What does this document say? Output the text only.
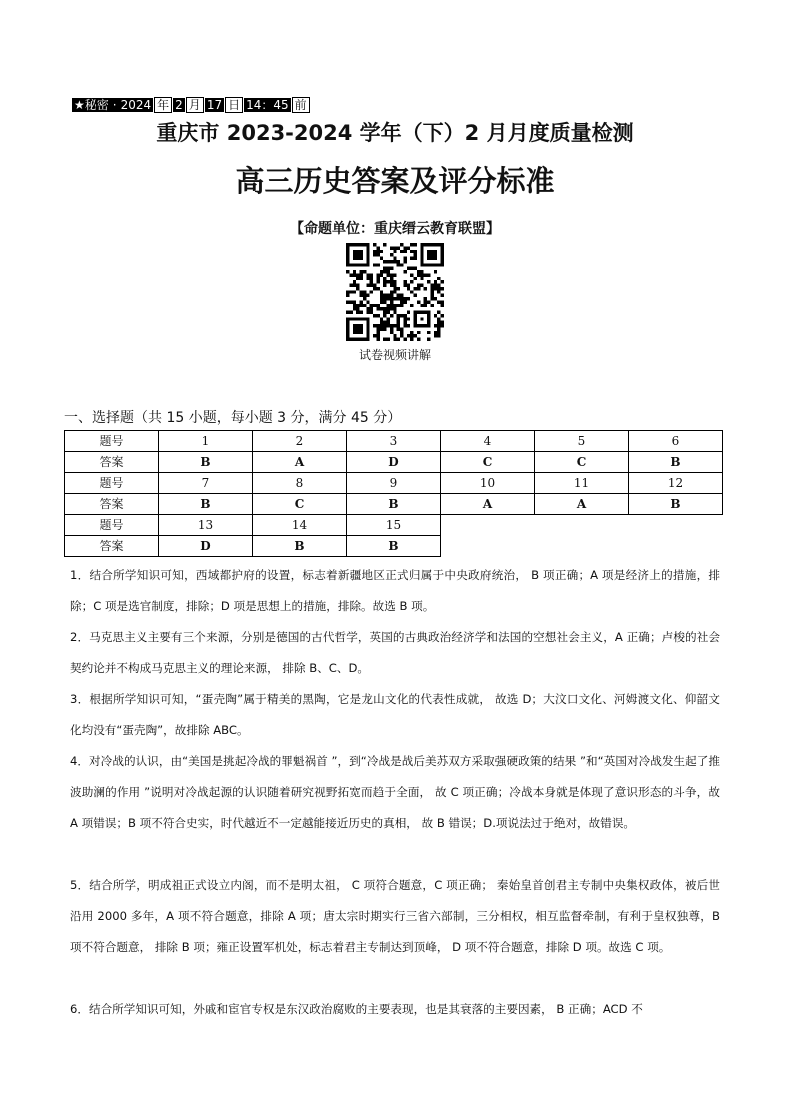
★秘密 · 2024 年 2 月 17 日 14：45 前
重庆市 2023-2024 学年（下）2 月月度质量检测
高三历史答案及评分标准
【命题单位：重庆缙云教育联盟】
试卷视频讲解
一、选择题（共 15 小题，每小题 3 分，满分 45 分）
题号	1	2	3	4	5	6
答案	B	A	D	C	C	B
题号	7	8	9	10	11	12
答案	B	C	B	A	A	B
题号	13	14	15			
答案	D	B	B			
1．结合所学知识可知，西域都护府的设置，标志着新疆地区正式归属于中央政府统治， B 项正确；A 项是经济上的措施，排除；C 项是选官制度，排除；D 项是思想上的措施，排除。故选 B 项。
2．马克思主义主要有三个来源，分别是德国的古代哲学，英国的古典政治经济学和法国的空想社会主义，A 正确；卢梭的社会契约论并不构成马克思主义的理论来源， 排除 B、C、D。
3．根据所学知识可知，“蛋壳陶”属于精美的黑陶，它是龙山文化的代表性成就， 故选 D；大汶口文化、河姆渡文化、仰韶文化均没有“蛋壳陶”，故排除 ABC。
4．对冷战的认识，由“美国是挑起冷战的罪魁祸首 ”，到“冷战是战后美苏双方采取强硬政策的结果 ”和“英国对冷战发生起了推波助澜的作用 ”说明对冷战起源的认识随着研究视野拓宽而趋于全面， 故 C 项正确；冷战本身就是体现了意识形态的斗争，故 A 项错误；B 项不符合史实，时代越近不一定越能接近历史的真相， 故 B 错误；D.项说法过于绝对，故错误。
5．结合所学，明成祖正式设立内阁，而不是明太祖， C 项符合题意，C 项正确； 秦始皇首创君主专制中央集权政体，被后世沿用 2000 多年，A 项不符合题意，排除 A 项；唐太宗时期实行三省六部制，三分相权，相互监督牵制，有利于皇权独尊，B 项不符合题意， 排除 B 项；雍正设置军机处，标志着君主专制达到顶峰， D 项不符合题意，排除 D 项。故选 C 项。
6．结合所学知识可知，外戚和宦官专权是东汉政治腐败的主要表现，也是其衰落的主要因素， B 正确；ACD 不
